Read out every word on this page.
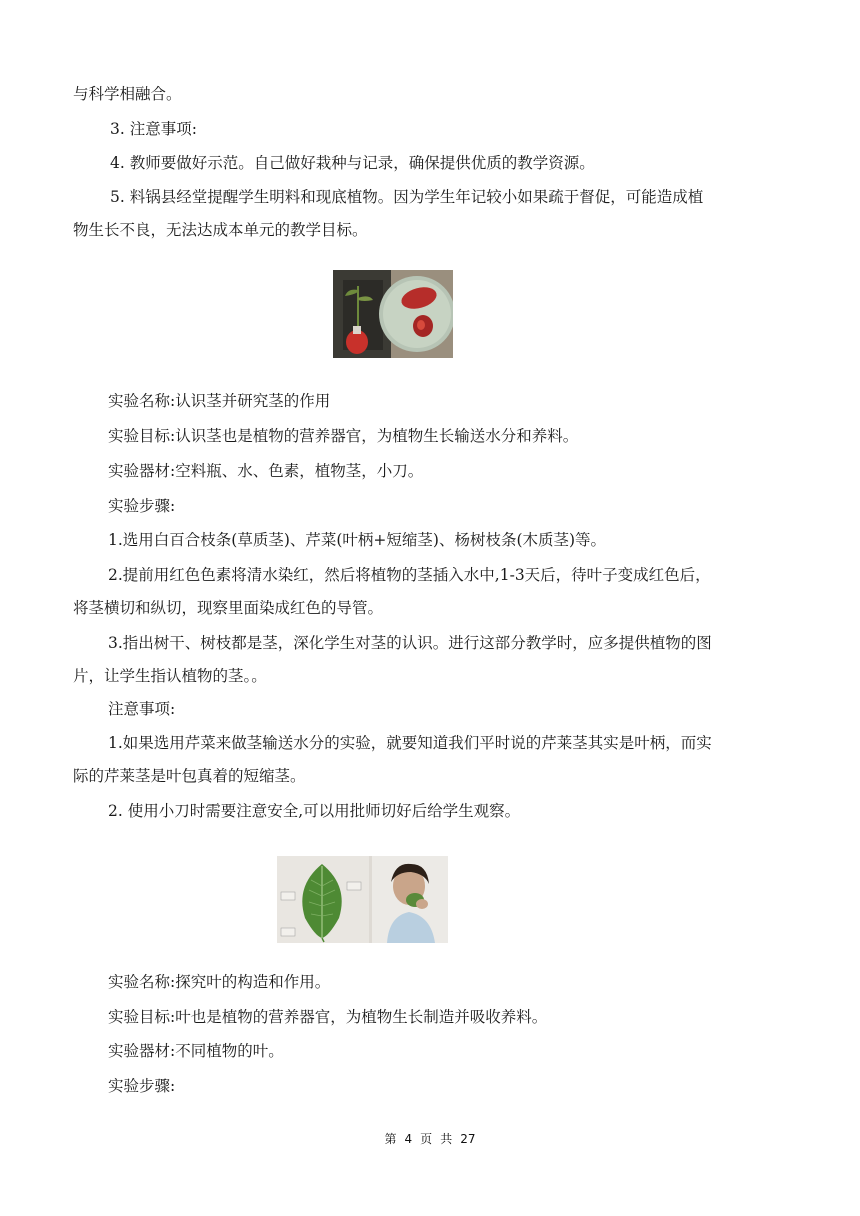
与科学相融合。
3. 注意事项:
4. 教师要做好示范。自己做好栽种与记录，确保提供优质的教学资源。
5. 料锅县经堂提醒学生明料和现底植物。因为学生年记较小如果疏于督促，可能造成植
物生长不良，无法达成本单元的教学目标。
实验名称:认识茎并研究茎的作用
实验目标:认识茎也是植物的营养器官，为植物生长输送水分和养料。
实验器材:空料瓶、水、色素，植物茎，小刀。
实验步骤:
1.选用白百合枝条(草质茎)、芹菜(叶柄+短缩茎)、杨树枝条(木质茎)等。
2.提前用红色色素将清水染红，然后将植物的茎插入水中,1-3天后，待叶子变成红色后，
将茎横切和纵切，现察里面染成红色的导管。
3.指出树干、树枝都是茎，深化学生对茎的认识。进行这部分教学时，应多提供植物的图
片，让学生指认植物的茎。。
注意事项:
1.如果选用芹菜来做茎输送水分的实验，就要知道我们平时说的芹莱茎其实是叶柄，而实
际的芹莱茎是叶包真着的短缩茎。
2. 使用小刀时需要注意安全,可以用批师切好后给学生观察。
实验名称:探究叶的构造和作用。
实验目标:叶也是植物的营养器官，为植物生长制造并吸收养料。
实验器材:不同植物的叶。
实验步骤:
第 4 页 共 27
